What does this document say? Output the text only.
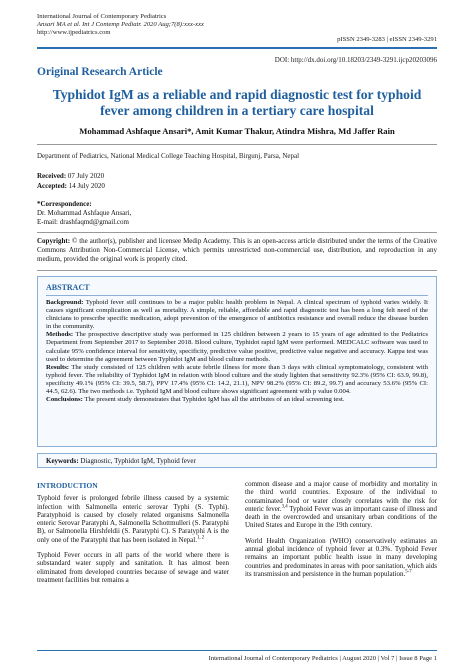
International Journal of Contemporary Pediatrics
Ansari MA et al. Int J Contemp Pediatr. 2020 Aug;7(8):xxx-xxx
http://www.ijpediatrics.com
pISSN 2349-3283 | eISSN 2349-3291
DOI: http://dx.doi.org/10.18203/2349-3291.ijcp20203096
Original Research Article
Typhidot IgM as a reliable and rapid diagnostic test for typhoid fever among children in a tertiary care hospital
Mohammad Ashfaque Ansari*, Amit Kumar Thakur, Atindra Mishra, Md Jaffer Rain
Department of Pediatrics, National Medical College Teaching Hospital, Birgunj, Parsa, Nepal
Received: 07 July 2020
Accepted: 14 July 2020
*Correspondence:
Dr. Mohammad Ashfaque Ansari,
E-mail: drashfaqmd@gmail.com
Copyright: © the author(s), publisher and licensee Medip Academy. This is an open-access article distributed under the terms of the Creative Commons Attribution Non-Commercial License, which permits unrestricted non-commercial use, distribution, and reproduction in any medium, provided the original work is properly cited.
ABSTRACT

Background: Typhoid fever still continues to be a major public health problem in Nepal. A clinical spectrum of typhoid varies widely. It causes significant complication as well as mortality. A simple, reliable, affordable and rapid diagnostic test has been a long felt need of the clinicians to prescribe specific medication, adopt prevention of the emergence of antibiotics resistance and overall reduce the disease burden in the community.

Methods: The prospective descriptive study was performed in 125 children between 2 years to 15 years of age admitted to the Pediatrics Department from September 2017 to September 2018. Blood culture, Typhidot rapid IgM were performed. MEDCALC software was used to calculate 95% confidence interval for sensitivity, specificity, predictive value positive, predictive value negative and accuracy. Kappa test was used to determine the agreement between Typhidot IgM and blood culture methods.

Results: The study consisted of 125 children with acute febrile illness for more than 3 days with clinical symptomatology, consistent with typhoid fever. The reliability of Typhidot IgM in relation with blood culture and the study lighten that sensitivity 92.3% (95% CI: 63.9, 99.8), specificity 49.1% (95% CI: 39.5, 58.7), PPV 17.4% (95% CI: 14.2, 21.1), NPV 98.2% (95% CI: 89.2, 99.7) and accuracy 53.6% (95% CI: 44.5, 62.6). The two methods i.e. Typhoid IgM and blood culture shows significant agreement with p value 0.004.

Conclusions: The present study demonstrates that Typhidot IgM has all the attributes of an ideal screening test.

Keywords: Diagnostic, Typhidot IgM, Typhoid fever
INTRODUCTION

Typhoid fever is prolonged febrile illness caused by a systemic infection with Salmonella enteric serovar Typhi (S. Typhi). Paratyphoid is caused by closely related organisms Salmonella enteric Serovar Paratyphi A, Salmonella Schottmulleri (S. Paratyphi B), or Salmonella Hirshfeldii (S. Paratyphi C). S Paratyphi A is the only one of the Paratyphi that has been isolated in Nepal.$^{1, 2}$

Typhoid Fever occurs in all parts of the world where there is substandard water supply and sanitation. It has almost been eliminated from developed countries because of sewage and water treatment facilities but remains a

common disease and a major cause of morbidity and mortality in the third world countries. Exposure of the individual to contaminated food or water closely correlates with the risk for enteric fever.$^{3,4}$ Typhoid Fever was an important cause of illness and death in the overcrowded and unsanitary urban conditions of the United States and Europe in the 19th century.

World Health Organization (WHO) conservatively estimates an annual global incidence of typhoid fever at 0.3%. Typhoid Fever remains an important public health issue in many developing countries and predominates in areas with poor sanitation, which aids its transmission and persistence in the human population.$^{5-7}$

International Journal of Contemporary Pediatrics | August 2020 | Vol 7 | Issue 8 Page 1
